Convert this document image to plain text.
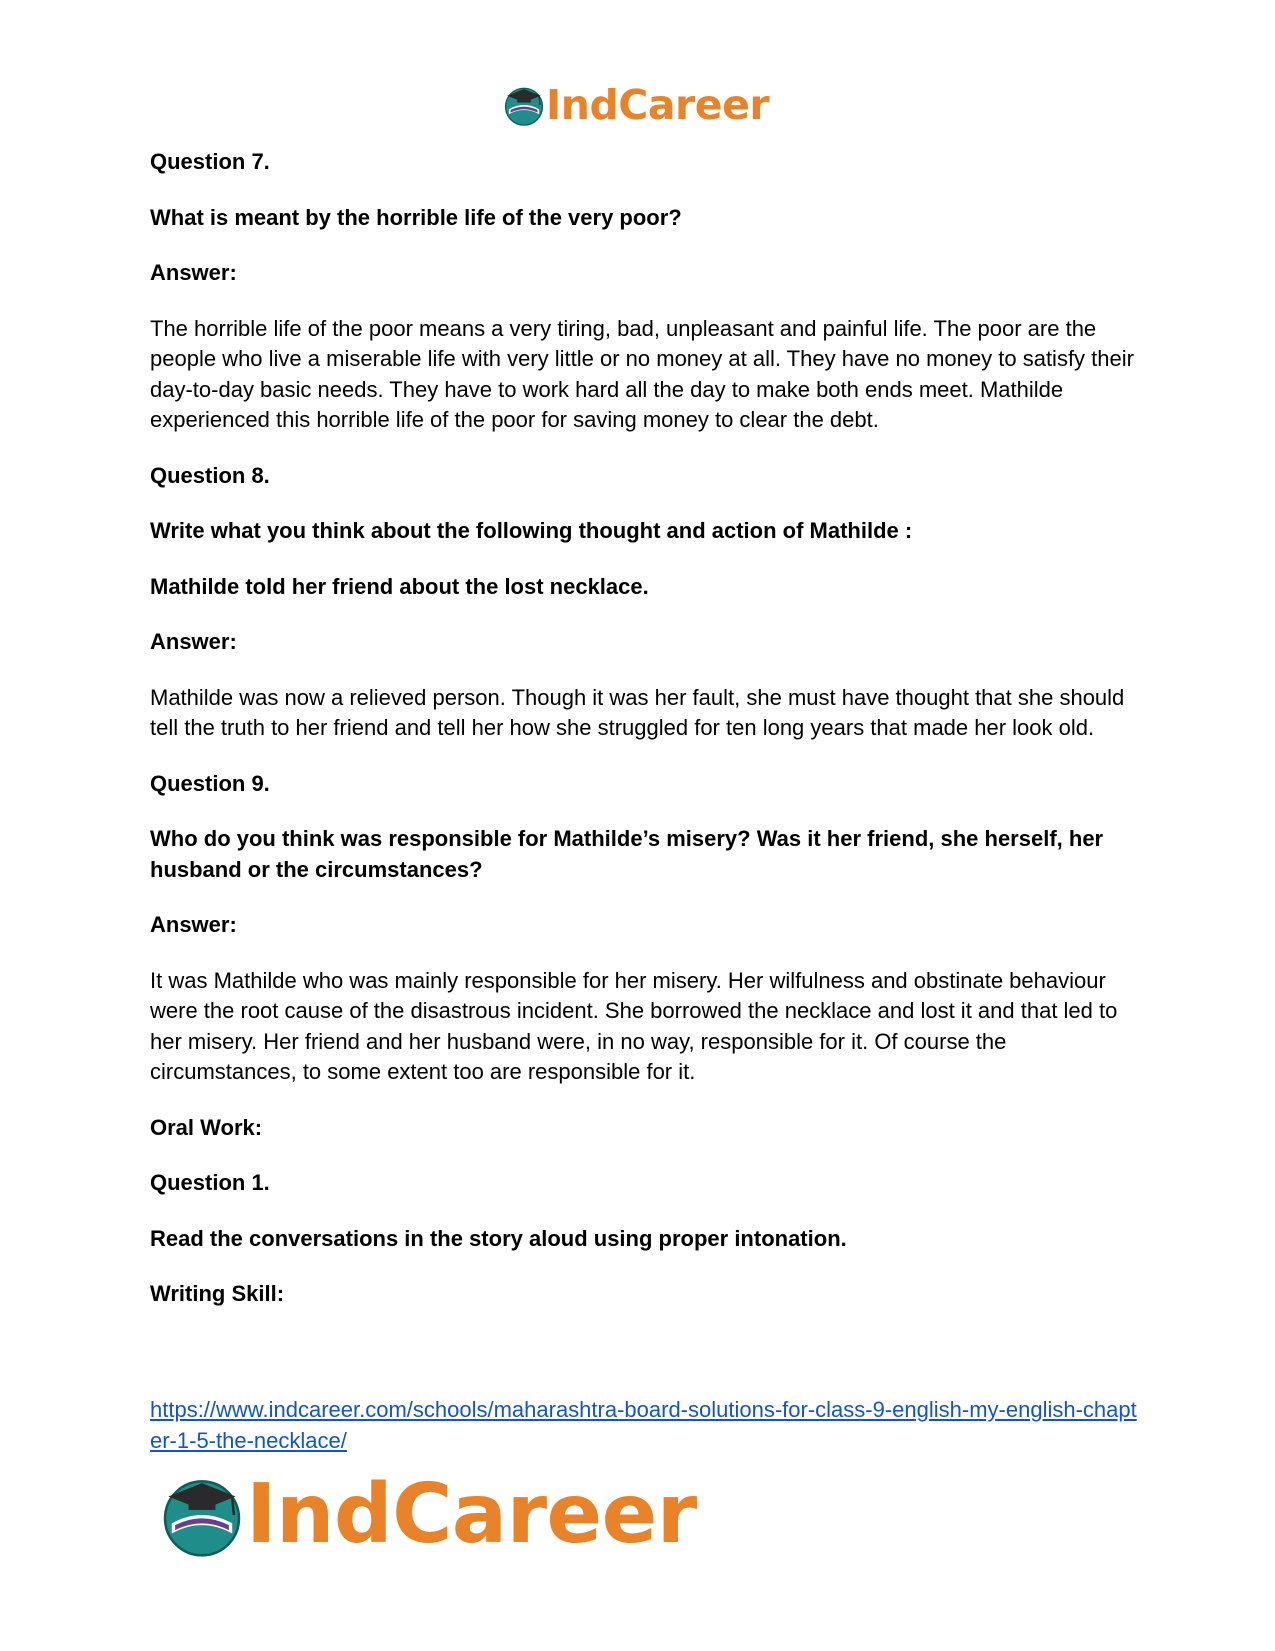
IndCareer

Question 7.

What is meant by the horrible life of the very poor?

Answer:

The horrible life of the poor means a very tiring, bad, unpleasant and painful life. The poor are the people who live a miserable life with very little or no money at all. They have no money to satisfy their day-to-day basic needs. They have to work hard all the day to make both ends meet. Mathilde experienced this horrible life of the poor for saving money to clear the debt.

Question 8.

Write what you think about the following thought and action of Mathilde :

Mathilde told her friend about the lost necklace.

Answer:

Mathilde was now a relieved person. Though it was her fault, she must have thought that she should tell the truth to her friend and tell her how she struggled for ten long years that made her look old.

Question 9.

Who do you think was responsible for Mathilde’s misery? Was it her friend, she herself, her husband or the circumstances?

Answer:

It was Mathilde who was mainly responsible for her misery. Her wilfulness and obstinate behaviour were the root cause of the disastrous incident. She borrowed the necklace and lost it and that led to her misery. Her friend and her husband were, in no way, responsible for it. Of course the circumstances, to some extent too are responsible for it.

Oral Work:

Question 1.

Read the conversations in the story aloud using proper intonation.

Writing Skill:

https://www.indcareer.com/schools/maharashtra-board-solutions-for-class-9-english-my-english-chapter-1-5-the-necklace/
IndCareer
